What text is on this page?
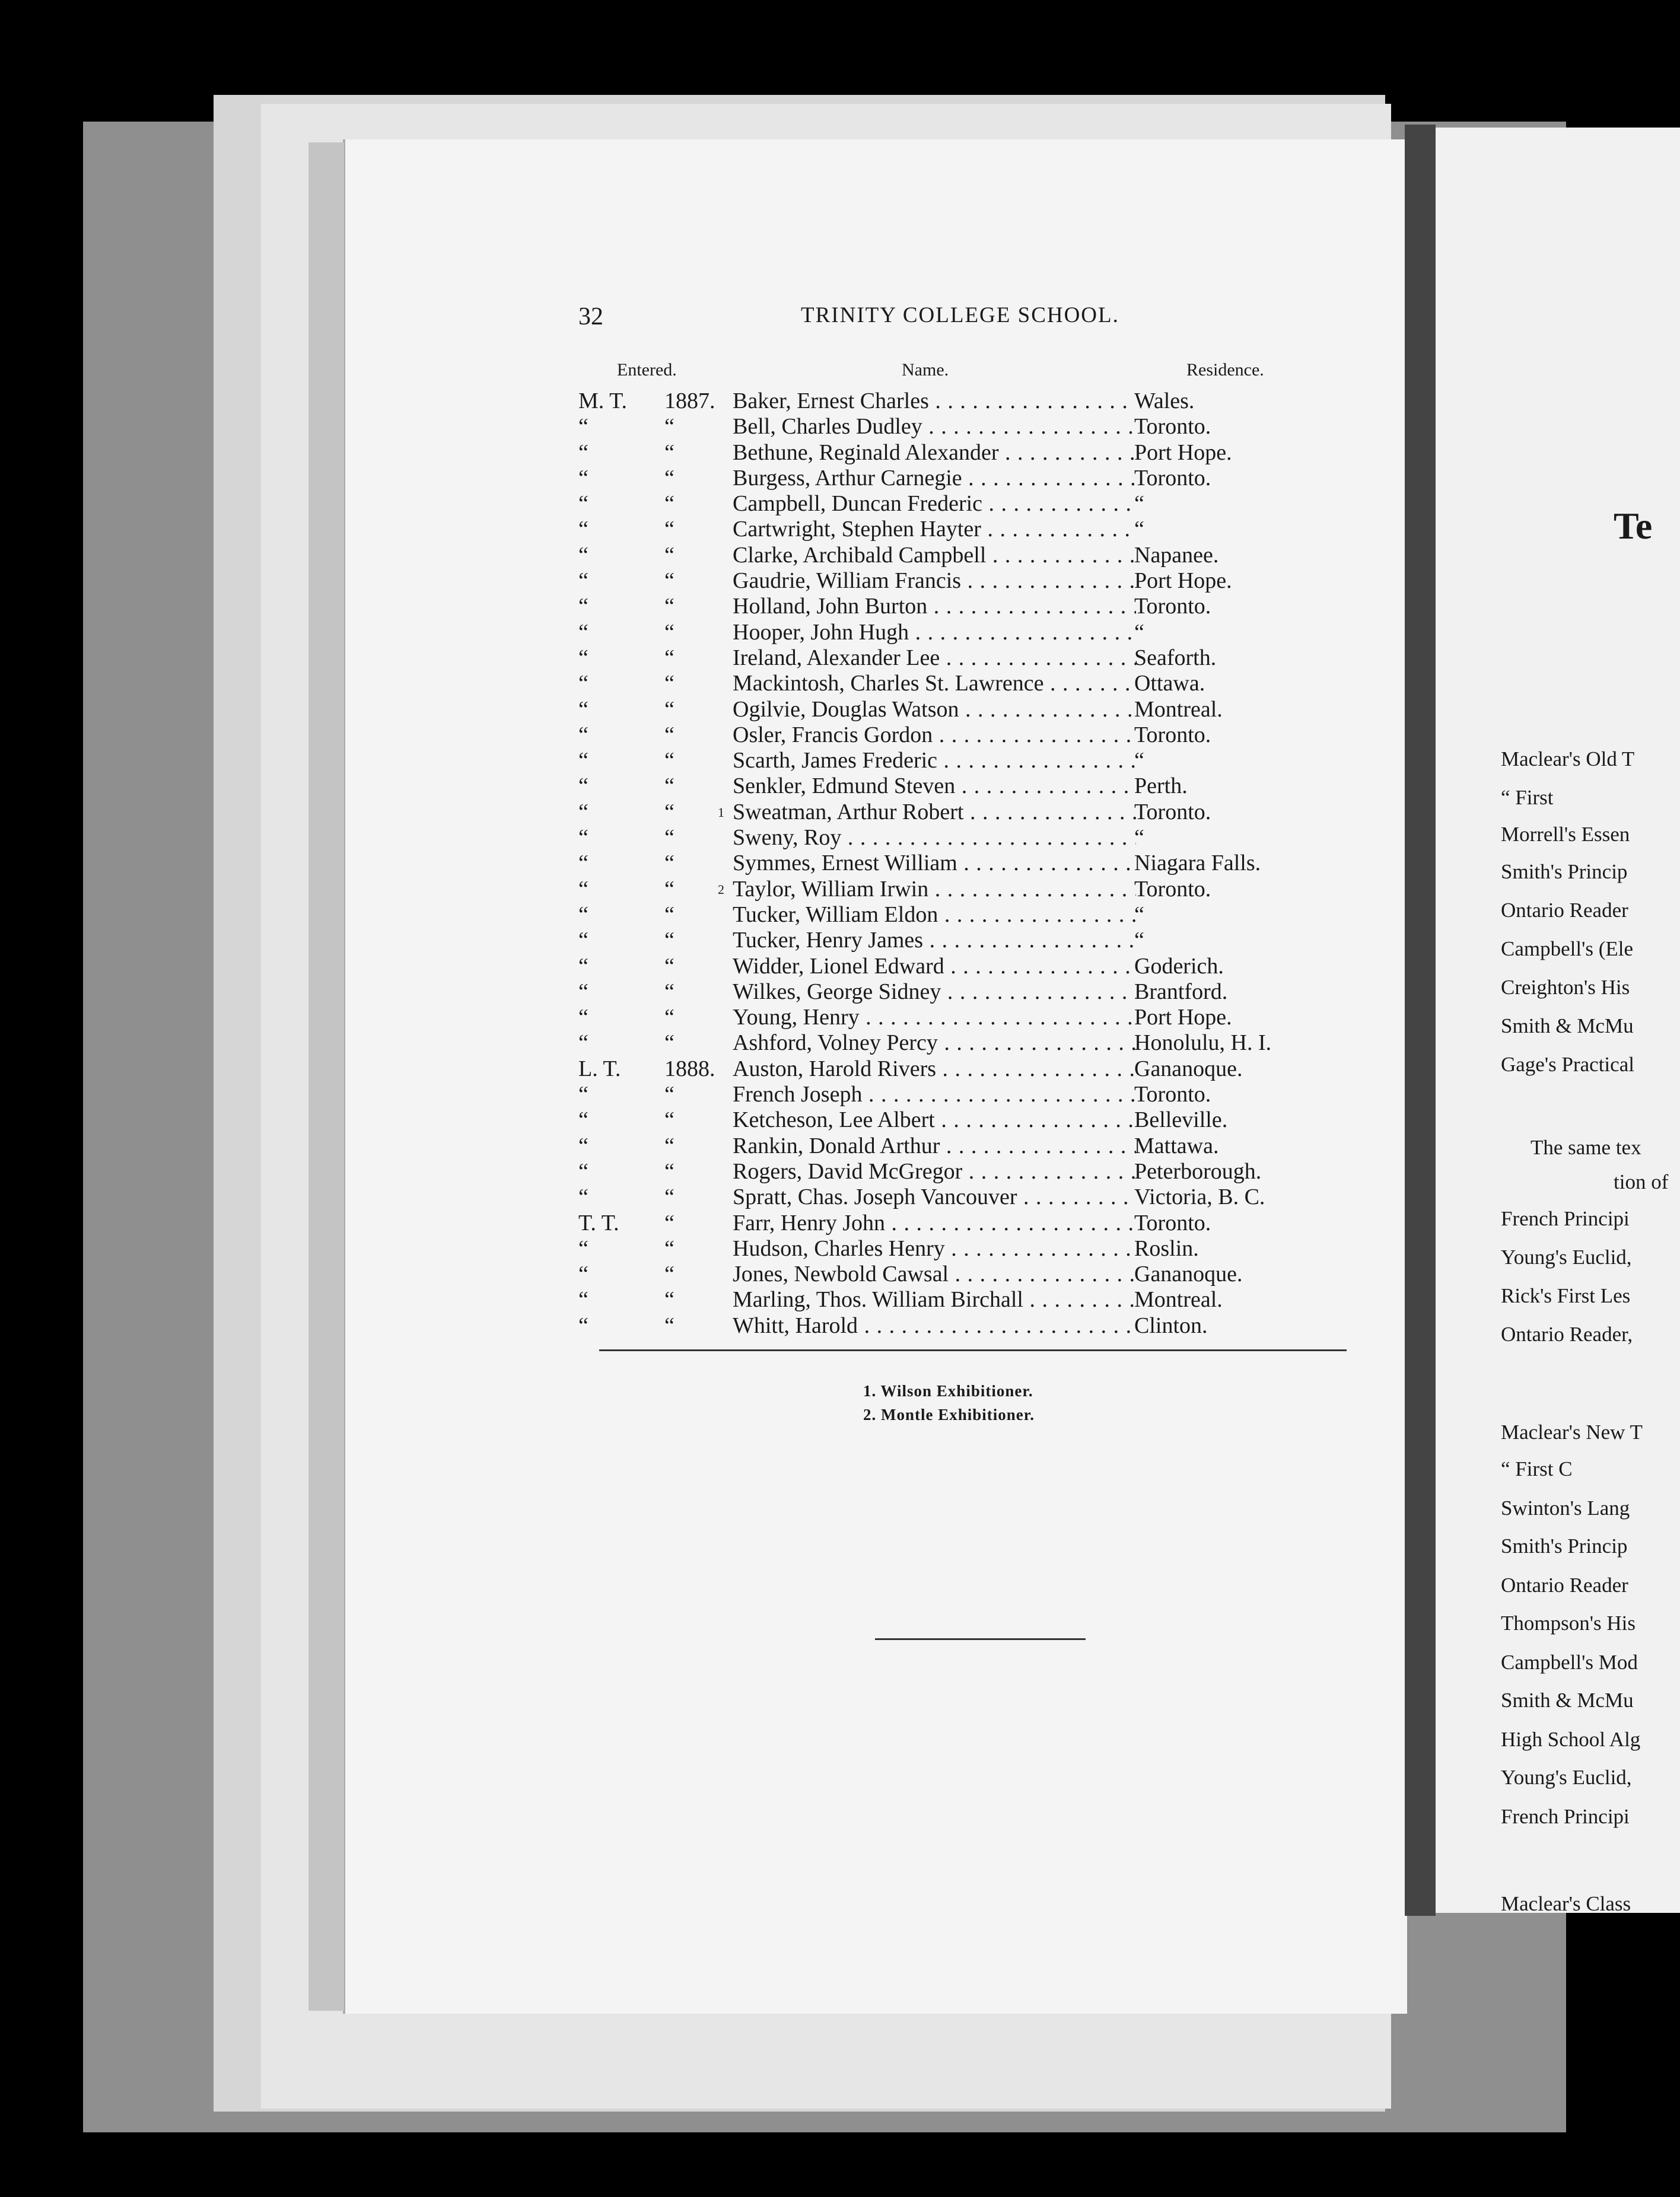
Te
Maclear's Old T
“ First
Morrell's Essen
Smith's Princip
Ontario Reader
Campbell's (Ele
Creighton's His
Smith & McMu
Gage's Practical
The same tex
tion of
French Principi
Young's Euclid,
Rick's First Les
Ontario Reader,
Maclear's New T
“ First C
Swinton's Lang
Smith's Princip
Ontario Reader
Thompson's His
Campbell's Mod
Smith & McMu
High School Alg
Young's Euclid,
French Principi
Maclear's Class
32	TRINITY COLLEGE SCHOOL.
Entered.	Name.	Residence.
M. T. 1887. Baker, Ernest Charles . . .	Wales.
“	“	Bell, Charles Dudley . . .	Toronto.
“	“	Bethune, Reginald Alexander . . .	Port Hope.
“	“	Burgess, Arthur Carnegie . . .	Toronto.
“	“	Campbell, Duncan Frederic . . .	“
“	“	Cartwright, Stephen Hayter . . .	“
“	“	Clarke, Archibald Campbell . . .	Napanee.
“	“	Gaudrie, William Francis . . .	Port Hope.
“	“	Holland, John Burton . . .	Toronto.
“	“	Hooper, John Hugh . . .	“
“	“	Ireland, Alexander Lee . . .	Seaforth.
“	“	Mackintosh, Charles St. Lawrence . . .	Ottawa.
“	“	Ogilvie, Douglas Watson . . .	Montreal.
“	“	Osler, Francis Gordon . . .	Toronto.
“	“	Scarth, James Frederic . . .	“
“	“	Senkler, Edmund Steven . . .	Perth.
“	“	Sweatman, Arthur Robert . . .	Toronto.
1
“	“	Sweny, Roy . . .	“
“	“	Symmes, Ernest William . . .	Niagara Falls.
“	“	Taylor, William Irwin . . .	Toronto.
2
“	“	Tucker, William Eldon . . .	“
“	“	Tucker, Henry James . . .	“
“	“	Widder, Lionel Edward . . .	Goderich.
“	“	Wilkes, George Sidney . . .	Brantford.
“	“	Young, Henry . . .	Port Hope.
“	“	Ashford, Volney Percy . . .	Honolulu, H. I.
L. T. 1888. Auston, Harold Rivers . . .	Gananoque.
“	“	French Joseph . . .	Toronto.
“	“	Ketcheson, Lee Albert . . .	Belleville.
“	“	Rankin, Donald Arthur . . .	Mattawa.
“	“	Rogers, David McGregor . . .	Peterborough.
“	“	Spratt, Chas. Joseph Vancouver . . .	Victoria, B. C.
T. T. “	Farr, Henry John . . .	Toronto.
“	“	Hudson, Charles Henry . . .	Roslin.
“	“	Jones, Newbold Cawsal . . .	Gananoque.
“	“	Marling, Thos. William Birchall . . .	Montreal.
“	“	Whitt, Harold . . .	Clinton.
1. Wilson Exhibitioner.
2. Montle Exhibitioner.
